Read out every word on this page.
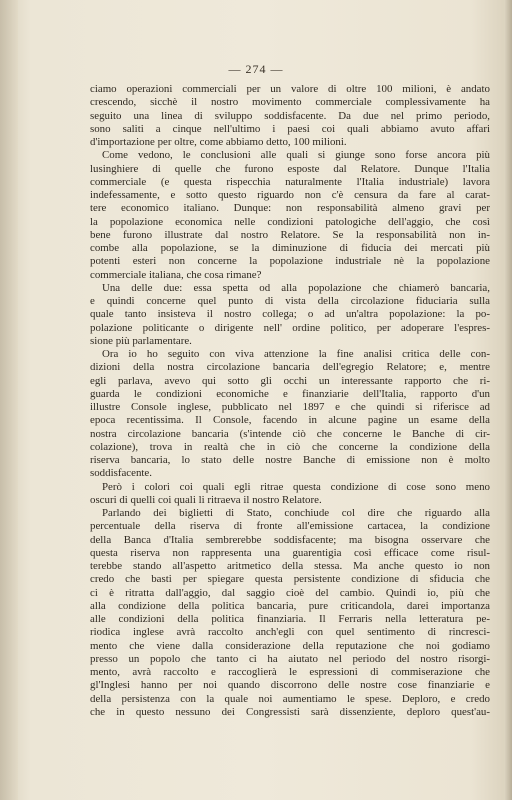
— 274 —
ciamo operazioni commerciali per un valore di oltre 100 milioni, è andato
crescendo, sicchè il nostro movimento commerciale complessivamente ha
seguito una linea di sviluppo soddisfacente. Da due nel primo periodo,
sono saliti a cinque nell'ultimo i paesi coi quali abbiamo avuto affari
d'importazione per oltre, come abbiamo detto, 100 milioni.
Come vedono, le conclusioni alle quali si giunge sono forse ancora più
lusinghiere di quelle che furono esposte dal Relatore. Dunque l'Italia
commerciale (e questa rispecchia naturalmente l'Italia industriale) lavora
indefessamente, e sotto questo riguardo non c'è censura da fare al carat-
tere economico italiano. Dunque: non responsabilità almeno gravi per
la popolazione economica nelle condizioni patologiche dell'aggio, che così
bene furono illustrate dal nostro Relatore. Se la responsabilità non in-
combe alla popolazione, se la diminuzione di fiducia dei mercati più
potenti esteri non concerne la popolazione industriale nè la popolazione
commerciale italiana, che cosa rimane?
Una delle due: essa spetta od alla popolazione che chiamerò bancaria,
e quindi concerne quel punto di vista della circolazione fiduciaria sulla
quale tanto insisteva il nostro collega; o ad un'altra popolazione: la po-
polazione politicante o dirigente nell' ordine politico, per adoperare l'espres-
sione più parlamentare.
Ora io ho seguito con viva attenzione la fine analisi critica delle con-
dizioni della nostra circolazione bancaria dell'egregio Relatore; e, mentre
egli parlava, avevo qui sotto gli occhi un interessante rapporto che ri-
guarda le condizioni economiche e finanziarie dell'Italia, rapporto d'un
illustre Console inglese, pubblicato nel 1897 e che quindi si riferisce ad
epoca recentissima. Il Console, facendo in alcune pagine un esame della
nostra circolazione bancaria (s'intende ciò che concerne le Banche di cir-
colazione), trova in realtà che in ciò che concerne la condizione della
riserva bancaria, lo stato delle nostre Banche di emissione non è molto
soddisfacente.
Però i colori coi quali egli ritrae questa condizione di cose sono meno
oscuri di quelli coi quali li ritraeva il nostro Relatore.
Parlando dei biglietti di Stato, conchiude col dire che riguardo alla
percentuale della riserva di fronte all'emissione cartacea, la condizione
della Banca d'Italia sembrerebbe soddisfacente; ma bisogna osservare che
questa riserva non rappresenta una guarentigia così efficace come risul-
terebbe stando all'aspetto aritmetico della stessa. Ma anche questo io non
credo che basti per spiegare questa persistente condizione di sfiducia che
ci è ritratta dall'aggio, dal saggio cioè del cambio. Quindi io, più che
alla condizione della politica bancaria, pure criticandola, darei importanza
alle condizioni della politica finanziaria. Il Ferraris nella letteratura pe-
riodica inglese avrà raccolto anch'egli con quel sentimento di rincresci-
mento che viene dalla considerazione della reputazione che noi godiamo
presso un popolo che tanto ci ha aiutato nel periodo del nostro risorgi-
mento, avrà raccolto e raccoglierà le espressioni di commiserazione che
gl'Inglesi hanno per noi quando discorrono delle nostre cose finanziarie e
della persistenza con la quale noi aumentiamo le spese. Deploro, e credo
che in questo nessuno dei Congressisti sarà dissenziente, deploro quest'au-
